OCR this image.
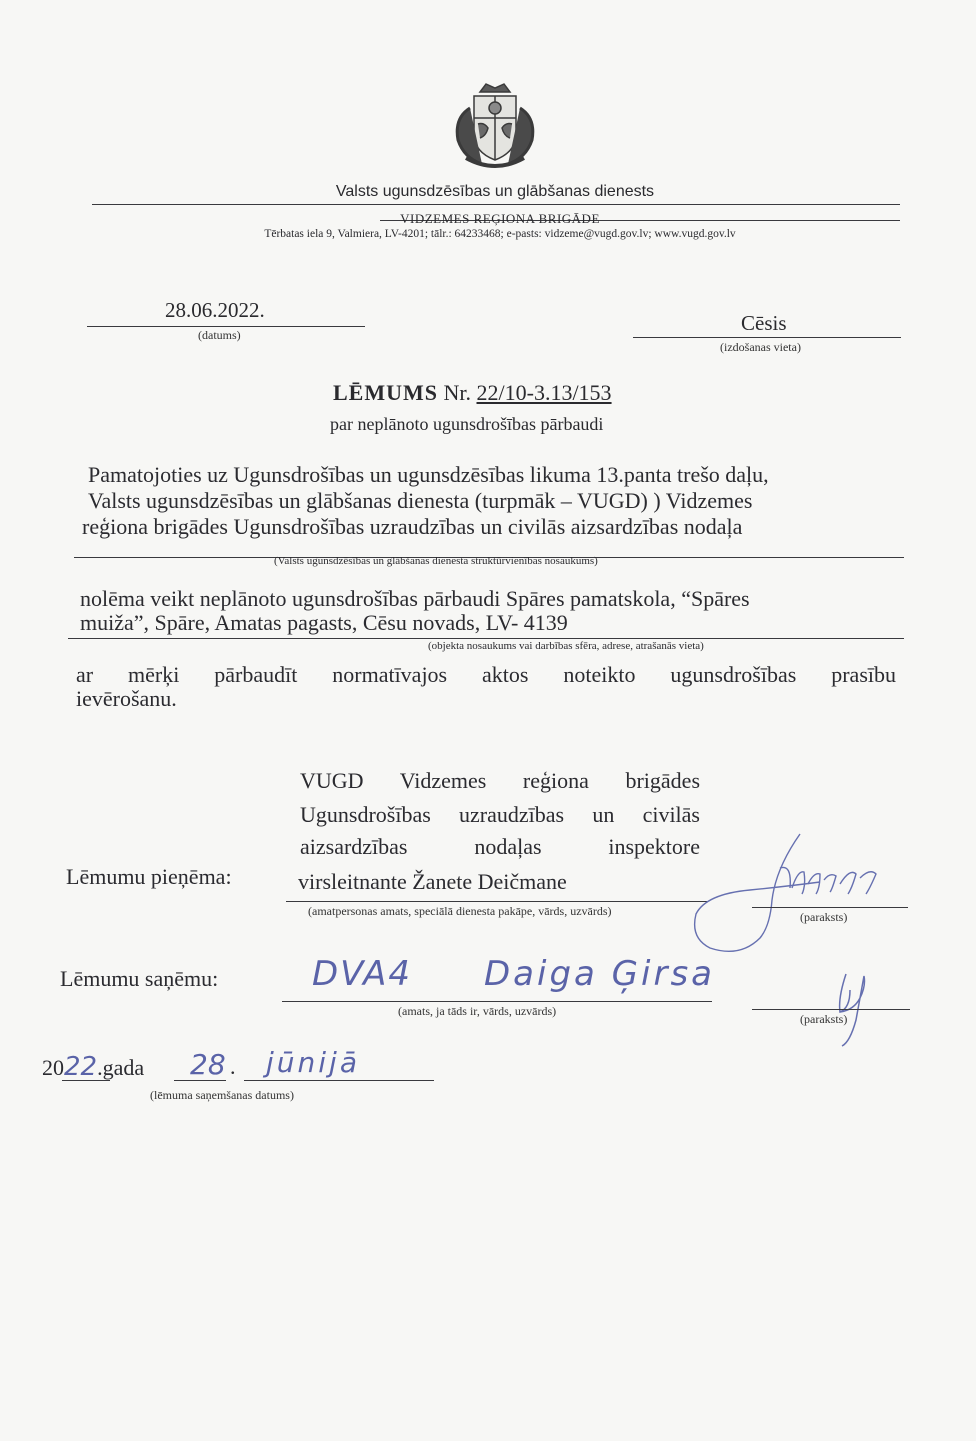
Valsts ugunsdzēsības un glābšanas dienests
VIDZEMES REĢIONA BRIGĀDE
Tērbatas iela 9, Valmiera, LV-4201; tālr.: 64233468; e-pasts: vidzeme@vugd.gov.lv; www.vugd.gov.lv
28.06.2022.
(datums)	Cēsis
(izdošanas vieta)
LĒMUMS Nr. 22/10-3.13/153
par neplānoto ugunsdrošības pārbaudi
Pamatojoties uz Ugunsdrošības un ugunsdzēsības likuma 13.panta trešo daļu,
Valsts ugunsdzēsības un glābšanas dienesta (turpmāk – VUGD) ) Vidzemes
reģiona brigādes Ugunsdrošības uzraudzības un civilās aizsardzības nodaļa
(Valsts ugunsdzēsības un glābšanas dienesta struktūrvienības nosaukums)
nolēma veikt neplānoto ugunsdrošības pārbaudi Spāres pamatskola, “Spāres
muiža”, Spāre, Amatas pagasts, Cēsu novads, LV- 4139
(objekta nosaukums vai darbības sfēra, adrese, atrašanās vieta)
ar mērķi pārbaudīt normatīvajos aktos noteikto ugunsdrošības prasību
ievērošanu.
VUGD Vidzemes reģiona brigādes
Ugunsdrošības uzraudzības un civilās
aizsardzības nodaļas inspektore
virsleitnante Žanete Deičmane
Lēmumu pieņēma:
(amatpersonas amats, speciālā dienesta pakāpe, vārds, uzvārds)	(paraksts)
Lēmumu saņēmu:	DVA4 Daiga Ģirsa
(amats, ja tāds ir, vārds, uzvārds)
(paraksts)
2022.gada 28 . jūnijā
(lēmuma saņemšanas datums)
